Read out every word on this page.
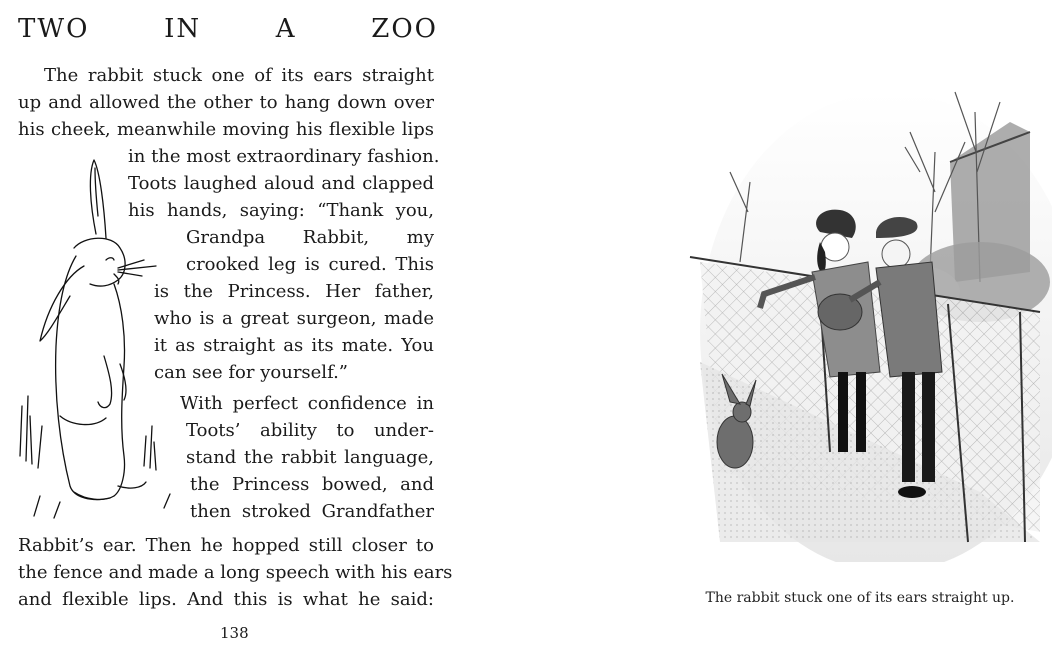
TWO	IN	A	ZOO
The rabbit stuck one of its ears straight
up and allowed the other to hang down over
his cheek, meanwhile moving his flexible lips
in the most extraordinary fashion.
Toots laughed aloud and clapped
his hands, saying: “Thank you,
Grandpa Rabbit, my
crooked leg is cured. This
is the Princess. Her father,
who is a great surgeon, made
it as straight as its mate. You
can see for yourself.”
With perfect confidence in
Toots’ ability to under-
stand the rabbit language,
the Princess bowed, and
then stroked Grandfather
Rabbit’s ear. Then he hopped still closer to
the fence and made a long speech with his ears
and flexible lips. And this is what he said:
138
The rabbit stuck one of its ears straight up.
